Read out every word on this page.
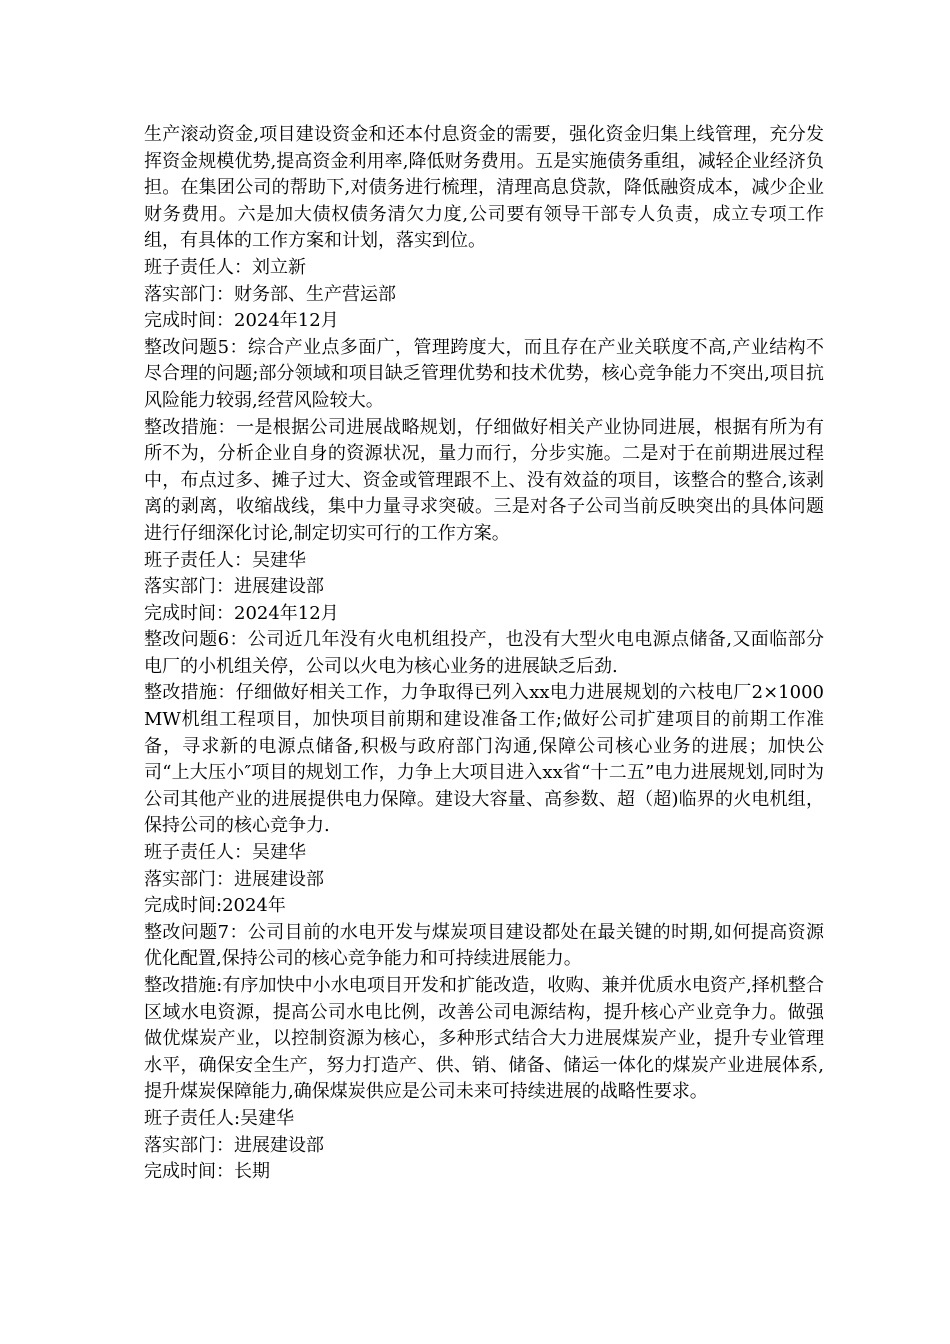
生产滚动资金,项目建设资金和还本付息资金的需要，强化资金归集上线管理，充分发挥资金规模优势,提高资金利用率,降低财务费用。五是实施债务重组，减轻企业经济负担。在集团公司的帮助下,对债务进行梳理，清理高息贷款，降低融资成本，减少企业财务费用。六是加大债权债务清欠力度,公司要有领导干部专人负责，成立专项工作组，有具体的工作方案和计划，落实到位。

班子责任人：刘立新

落实部门：财务部、生产营运部

完成时间：2024年12月

整改问题5：综合产业点多面广，管理跨度大，而且存在产业关联度不高,产业结构不尽合理的问题;部分领域和项目缺乏管理优势和技术优势，核心竞争能力不突出,项目抗风险能力较弱,经营风险较大。

整改措施：一是根据公司进展战略规划，仔细做好相关产业协同进展，根据有所为有所不为，分析企业自身的资源状况，量力而行，分步实施。二是对于在前期进展过程中，布点过多、摊子过大、资金或管理跟不上、没有效益的项目，该整合的整合,该剥离的剥离，收缩战线，集中力量寻求突破。三是对各子公司当前反映突出的具体问题进行仔细深化讨论,制定切实可行的工作方案。

班子责任人：吴建华

落实部门：进展建设部

完成时间：2024年12月

整改问题6：公司近几年没有火电机组投产，也没有大型火电电源点储备,又面临部分电厂的小机组关停，公司以火电为核心业务的进展缺乏后劲.

整改措施：仔细做好相关工作，力争取得已列入xx电力进展规划的六枝电厂2×1000MW机组工程项目，加快项目前期和建设准备工作;做好公司扩建项目的前期工作准备，寻求新的电源点储备,积极与政府部门沟通,保障公司核心业务的进展；加快公司“上大压小″项目的规划工作，力争上大项目进入xx省“十二五”电力进展规划,同时为公司其他产业的进展提供电力保障。建设大容量、高参数、超（超)临界的火电机组，保持公司的核心竞争力.

班子责任人：吴建华

落实部门：进展建设部

完成时间:2024年

整改问题7：公司目前的水电开发与煤炭项目建设都处在最关键的时期,如何提高资源优化配置,保持公司的核心竞争能力和可持续进展能力。

整改措施:有序加快中小水电项目开发和扩能改造，收购、兼并优质水电资产,择机整合区域水电资源，提高公司水电比例，改善公司电源结构，提升核心产业竞争力。做强做优煤炭产业，以控制资源为核心，多种形式结合大力进展煤炭产业，提升专业管理水平，确保安全生产，努力打造产、供、销、储备、储运一体化的煤炭产业进展体系,提升煤炭保障能力,确保煤炭供应是公司未来可持续进展的战略性要求。

班子责任人:吴建华

落实部门：进展建设部

完成时间：长期
